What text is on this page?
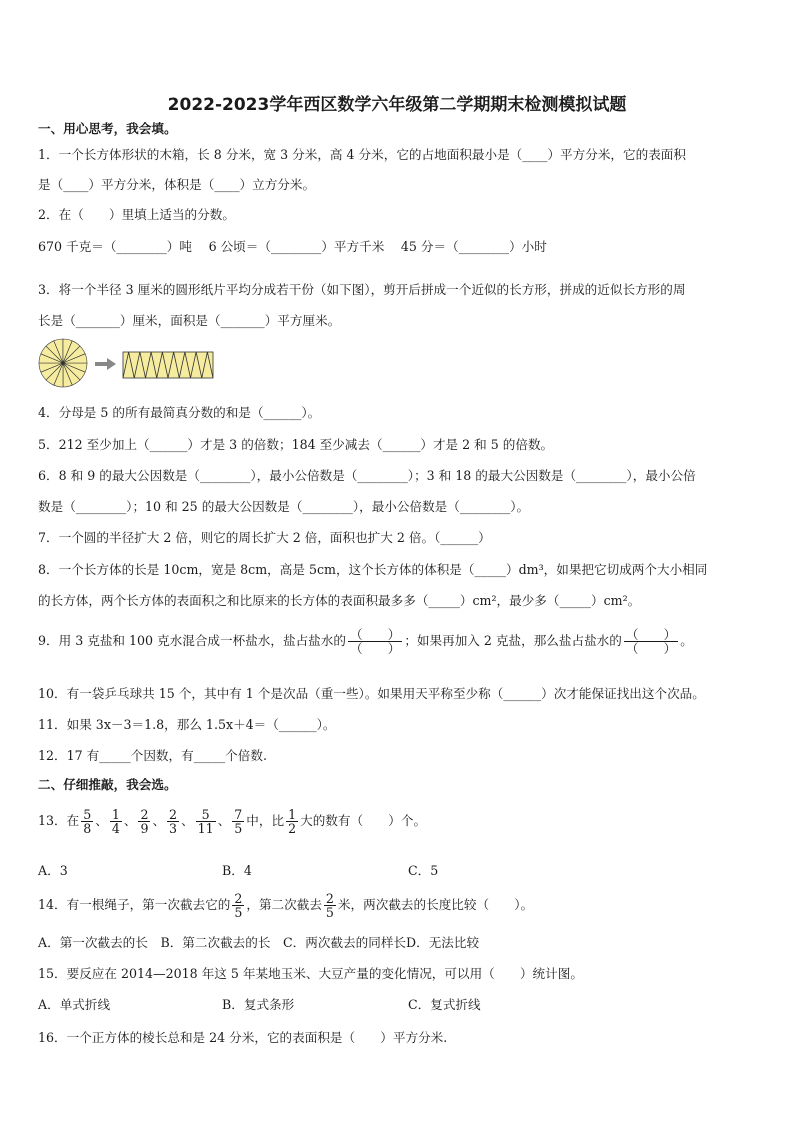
2022-2023学年西区数学六年级第二学期期末检测模拟试题
一、用心思考，我会填。
1．一个长方体形状的木箱，长 8 分米，宽 3 分米，高 4 分米，它的占地面积最小是（____）平方分米，它的表面积
是（____）平方分米，体积是（____）立方分米。
2．在（　　）里填上适当的分数。
670 千克＝（________）吨　 6 公顷＝（________）平方千米　 45 分＝（________）小时
3．将一个半径 3 厘米的圆形纸片平均分成若干份（如下图），剪开后拼成一个近似的长方形，拼成的近似长方形的周
长是（_______）厘米，面积是（_______）平方厘米。
4．分母是 5 的所有最简真分数的和是（______）。
5．212 至少加上（______）才是 3 的倍数；184 至少减去（______）才是 2 和 5 的倍数。
6．8 和 9 的最大公因数是（________），最小公倍数是（________）；3 和 18 的最大公因数是（________），最小公倍
数是（________）；10 和 25 的最大公因数是（________），最小公倍数是（________）。
7．一个圆的半径扩大 2 倍，则它的周长扩大 2 倍，面积也扩大 2 倍。（______）
8．一个长方体的长是 10cm，宽是 8cm，高是 5cm，这个长方体的体积是（_____）dm³，如果把它切成两个大小相同
的长方体，两个长方体的表面积之和比原来的长方体的表面积最多多（_____）cm²，最少多（_____）cm²。
9．用 3 克盐和 100 克水混合成一杯盐水，盐占盐水的 $\frac{( )}{( )}$ ；如果再加入 2 克盐，那么盐占盐水的 $\frac{( )}{( )}$ 。
10．有一袋乒乓球共 15 个，其中有 1 个是次品（重一些）。如果用天平称至少称（______）次才能保证找出这个次品。
11．如果 3x－3＝1.8，那么 1.5x＋4＝（______）。
12．17 有_____个因数，有_____个倍数.
二、仔细推敲，我会选。
13．在 $\frac{5}{8}$ 、 $\frac{1}{4}$ 、 $\frac{2}{9}$ 、 $\frac{2}{3}$ 、 $\frac{5}{11}$ 、 $\frac{7}{5}$ 中，比 $\frac{1}{2}$ 大的数有（　　）个。
A．3	B．4	C．5
14．有一根绳子，第一次截去它的 $\frac{2}{5}$ ，第二次截去 $\frac{2}{5}$ 米，两次截去的长度比较（　　）。
A．第一次截去的长　B．第二次截去的长　C．两次截去的同样长D．无法比较
15．要反应在 2014—2018 年这 5 年某地玉米、大豆产量的变化情况，可以用（　　）统计图。
A．单式折线	B．复式条形	C．复式折线
16．一个正方体的棱长总和是 24 分米，它的表面积是（　　）平方分米.
